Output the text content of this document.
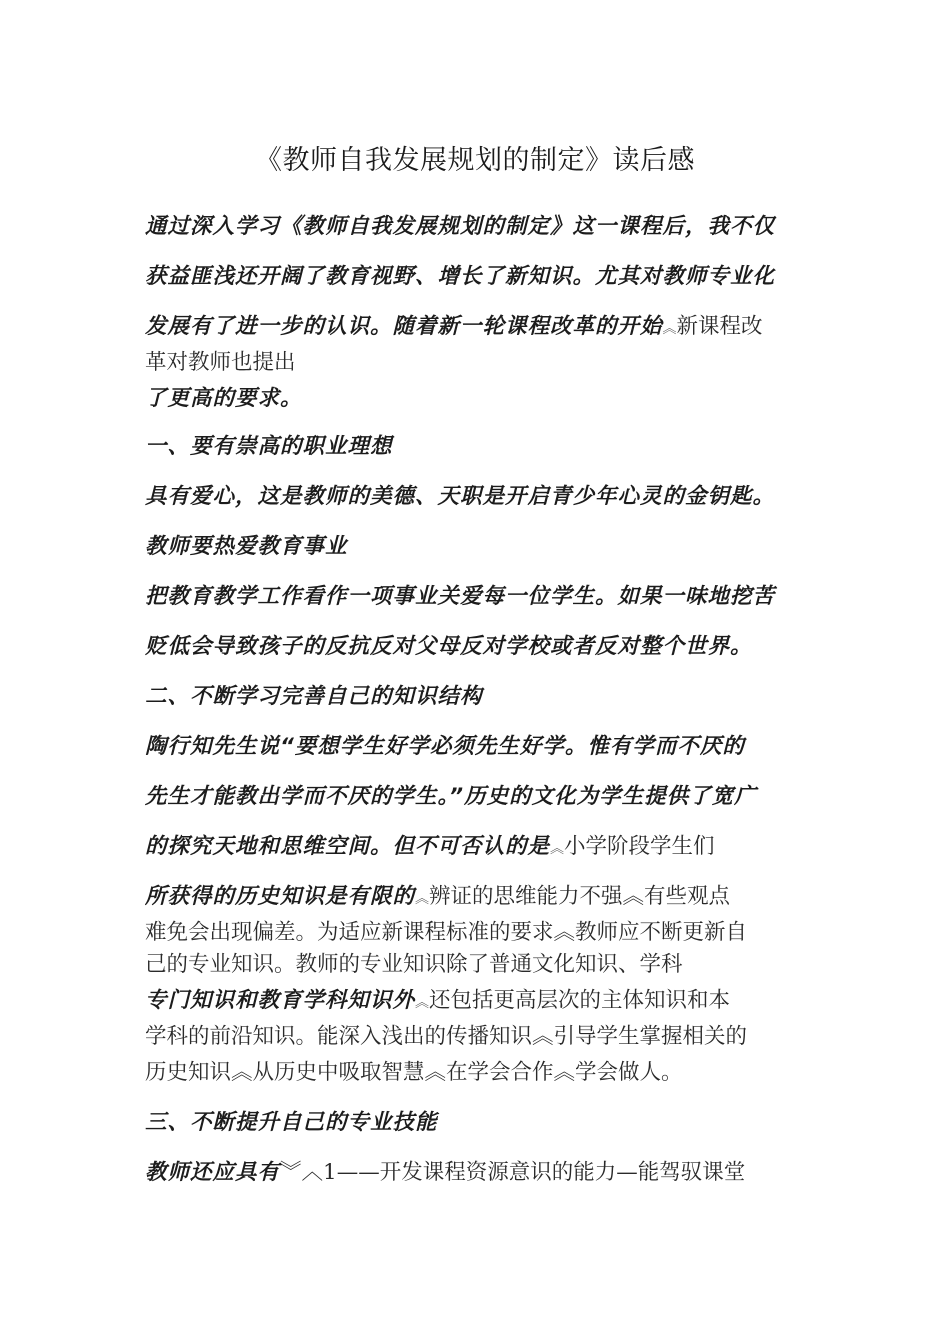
《教师自我发展规划的制定》读后感
通过深入学习《教师自我发展规划的制定》这一课程后，我不仅
获益匪浅还开阔了教育视野、增长了新知识。尤其对教师专业化
发展有了进一步的认识。随着新一轮课程改革的开始︽新课程改
革对教师也提出
了更高的要求。
一、要有崇高的职业理想
具有爱心，这是教师的美德、天职是开启青少年心灵的金钥匙。
教师要热爱教育事业
把教育教学工作看作一项事业关爱每一位学生。如果一味地挖苦
贬低会导致孩子的反抗反对父母反对学校或者反对整个世界。
二、不断学习完善自己的知识结构
陶行知先生说“要想学生好学必须先生好学。惟有学而不厌的
先生才能教出学而不厌的学生。”历史的文化为学生提供了宽广
的探究天地和思维空间。但不可否认的是︽小学阶段学生们
所获得的历史知识是有限的︽辨证的思维能力不强︽有些观点
难免会出现偏差。为适应新课程标准的要求︽教师应不断更新自
己的专业知识。教师的专业知识除了普通文化知识、学科
专门知识和教育学科知识外︽还包括更高层次的主体知识和本
学科的前沿知识。能深入浅出的传播知识︽引导学生掌握相关的
历史知识︽从历史中吸取智慧︽在学会合作︽学会做人。
三、不断提升自己的专业技能
教师还应具有︾︿1——开发课程资源意识的能力—能驾驭课堂
